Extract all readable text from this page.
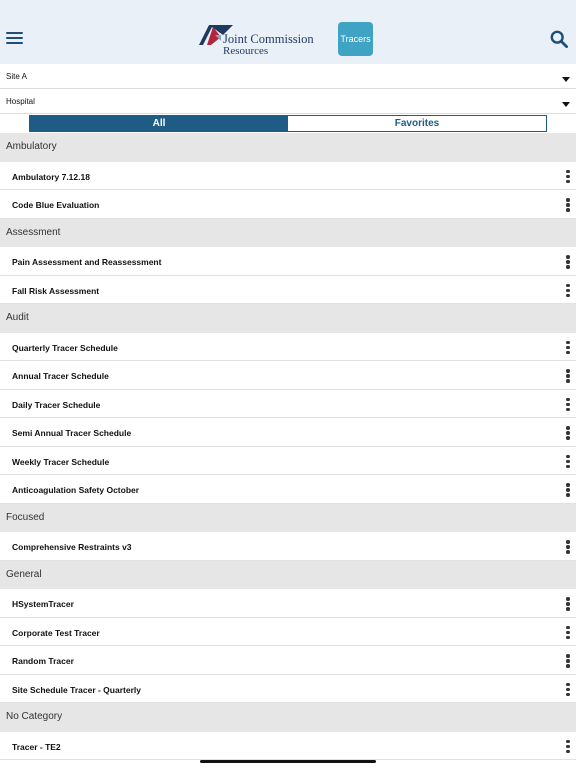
Joint Commission
Resources
Tracers
Site A
Hospital
All	Favorites
Ambulatory
Ambulatory 7.12.18
Code Blue Evaluation
Assessment
Pain Assessment and Reassessment
Fall Risk Assessment
Audit
Quarterly Tracer Schedule
Annual Tracer Schedule
Daily Tracer Schedule
Semi Annual Tracer Schedule
Weekly Tracer Schedule
Anticoagulation Safety October
Focused
Comprehensive Restraints v3
General
HSystemTracer
Corporate Test Tracer
Random Tracer
Site Schedule Tracer - Quarterly
No Category
Tracer - TE2
